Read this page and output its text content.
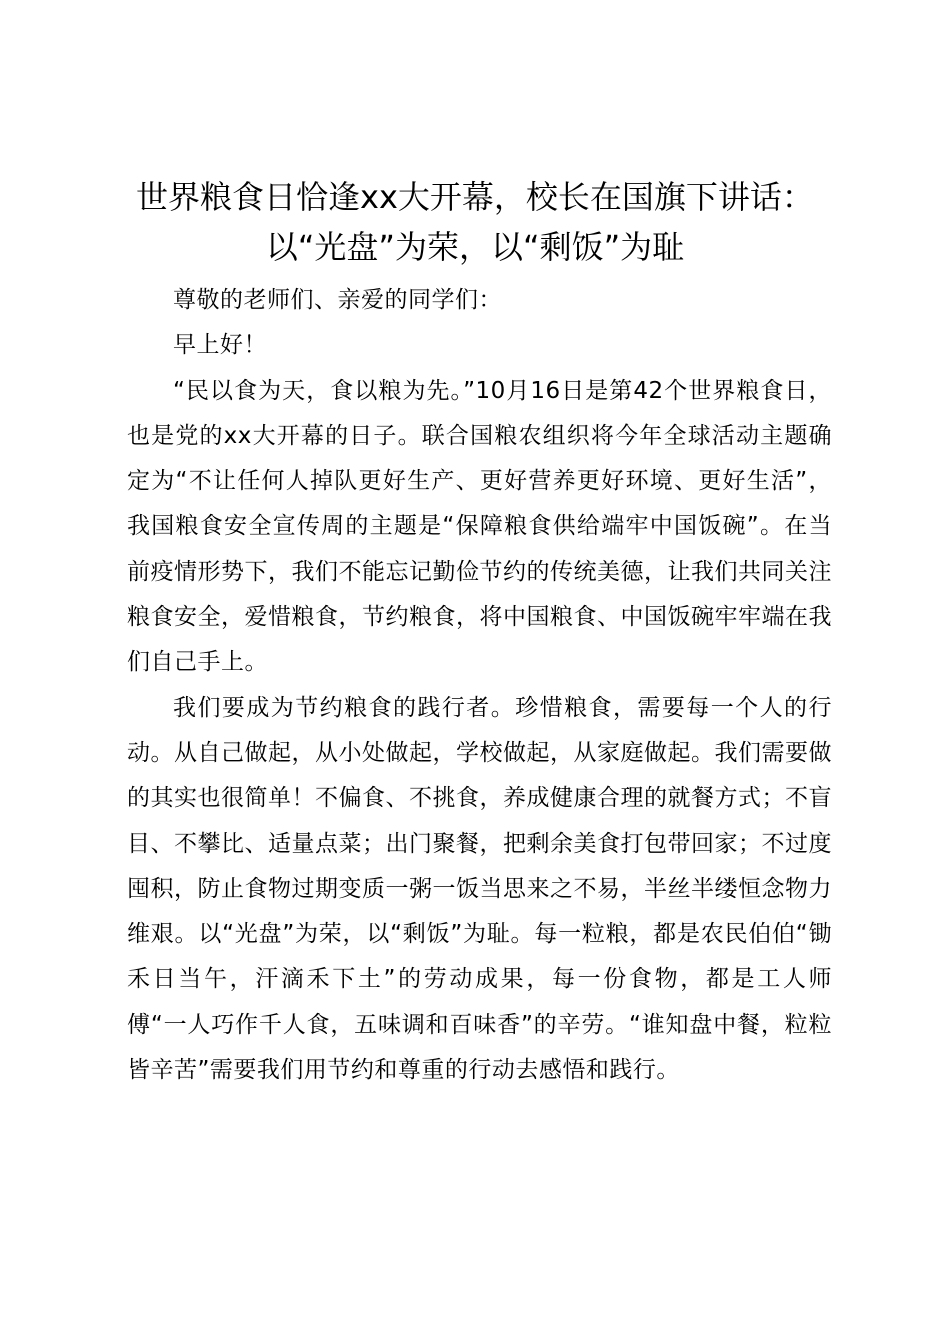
世界粮食日恰逢xx大开幕，校长在国旗下讲话：以“光盘”为荣，以“剩饭”为耻

尊敬的老师们、亲爱的同学们：

早上好！

“民以食为天，食以粮为先。”10月16日是第42个世界粮食日，也是党的xx大开幕的日子。联合国粮农组织将今年全球活动主题确定为“不让任何人掉队更好生产、更好营养更好环境、更好生活”，我国粮食安全宣传周的主题是“保障粮食供给端牢中国饭碗”。在当前疫情形势下，我们不能忘记勤俭节约的传统美德，让我们共同关注粮食安全，爱惜粮食，节约粮食，将中国粮食、中国饭碗牢牢端在我们自己手上。

我们要成为节约粮食的践行者。珍惜粮食，需要每一个人的行动。从自己做起，从小处做起，学校做起，从家庭做起。我们需要做的其实也很简单！不偏食、不挑食，养成健康合理的就餐方式；不盲目、不攀比、适量点菜；出门聚餐，把剩余美食打包带回家；不过度囤积，防止食物过期变质一粥一饭当思来之不易，半丝半缕恒念物力维艰。以“光盘”为荣，以“剩饭”为耻。每一粒粮，都是农民伯伯“锄禾日当午，汗滴禾下土”的劳动成果，每一份食物，都是工人师傅“一人巧作千人食，五味调和百味香”的辛劳。“谁知盘中餐，粒粒皆辛苦”需要我们用节约和尊重的行动去感悟和践行。
